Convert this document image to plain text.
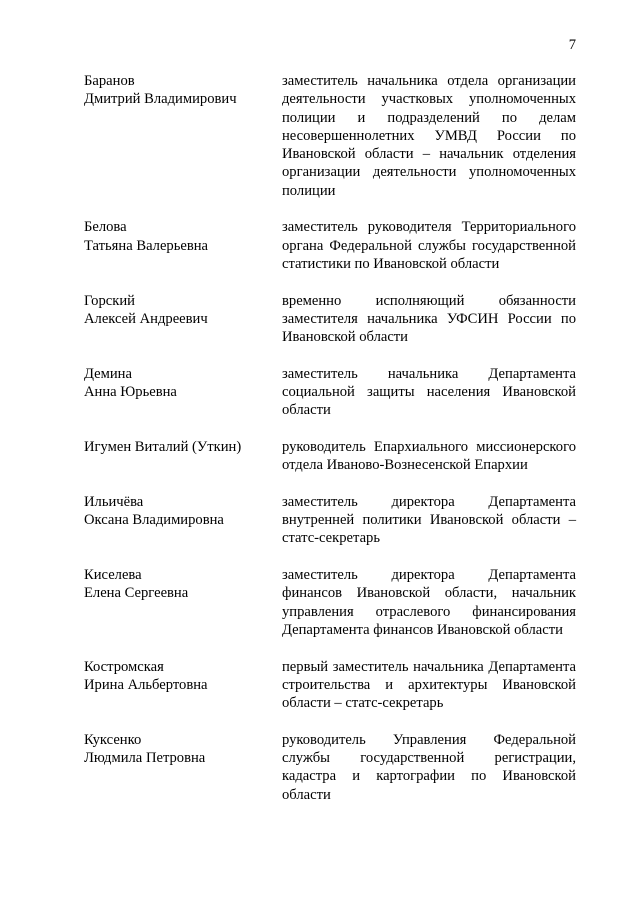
7
Баранов
Дмитрий Владимирович
заместитель начальника отдела организации деятельности участковых уполномоченных полиции и подразделений по делам несовершеннолетних УМВД России по Ивановской области – начальник отделения организации деятельности уполномоченных полиции
Белова
Татьяна Валерьевна
заместитель руководителя Территориального органа Федеральной службы государственной статистики по Ивановской области
Горский
Алексей Андреевич
временно исполняющий обязанности заместителя начальника УФСИН России по Ивановской области
Демина
Анна Юрьевна
заместитель начальника Департамента социальной защиты населения Ивановской области
Игумен Виталий (Уткин)	руководитель Епархиального миссионерского отдела Иваново-Вознесенской Епархии
Ильичёва
Оксана Владимировна
заместитель директора Департамента внутренней политики Ивановской области – статс-секретарь
Киселева
Елена Сергеевна
заместитель директора Департамента финансов Ивановской области, начальник управления отраслевого финансирования Департамента финансов Ивановской области
Костромская
Ирина Альбертовна
первый заместитель начальника Департамента строительства и архитектуры Ивановской области – статс-секретарь
Куксенко
Людмила Петровна
руководитель Управления Федеральной службы государственной регистрации, кадастра и картографии по Ивановской области
